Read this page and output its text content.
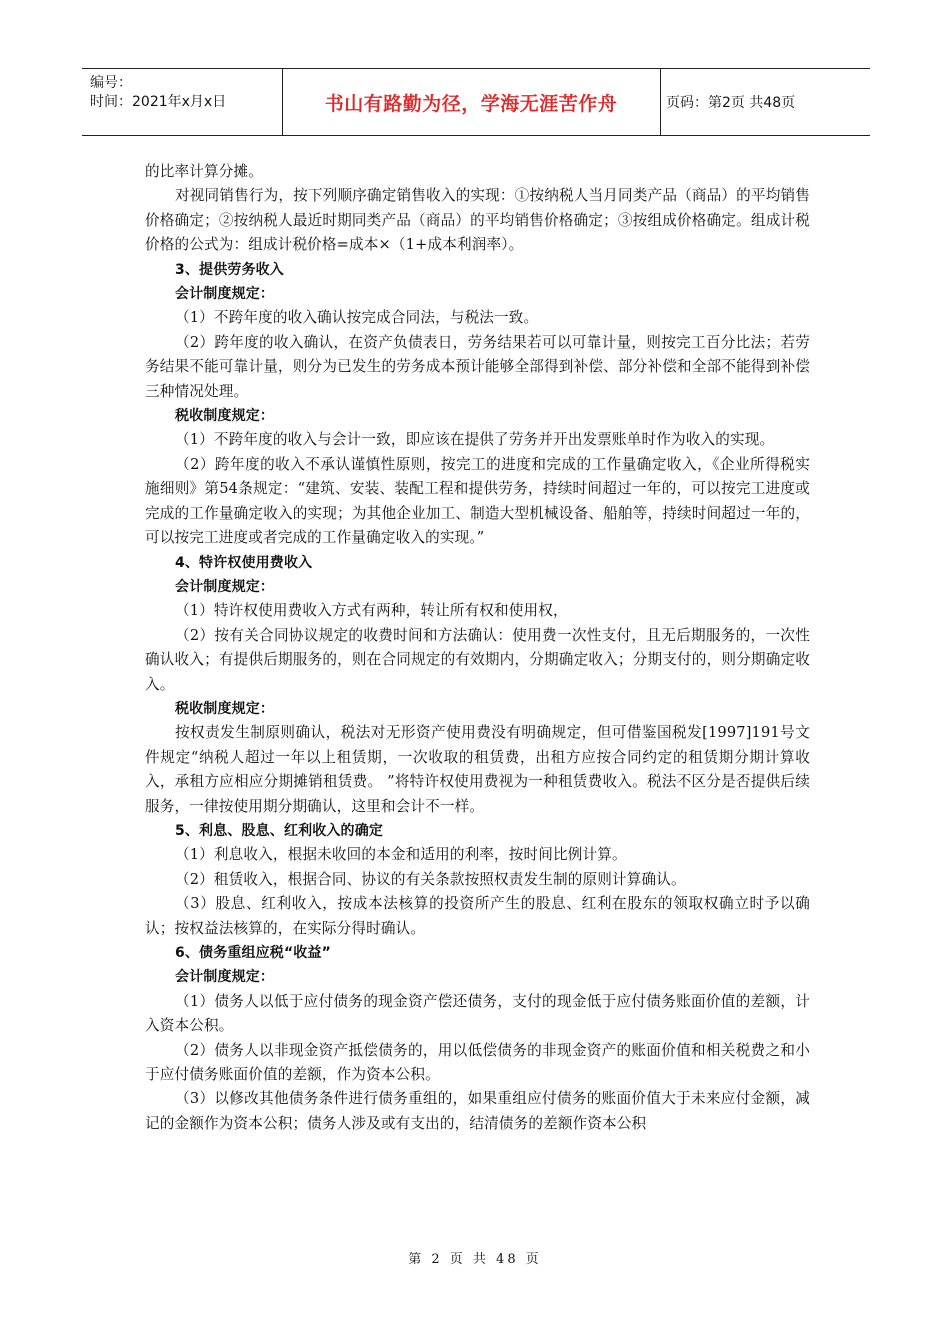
编号：
时间：2021年x月x日	书山有路勤为径，学海无涯苦作舟	页码：第2页 共48页

的比率计算分摊。

对视同销售行为，按下列顺序确定销售收入的实现：①按纳税人当月同类产品（商品）的平均销售价格确定；②按纳税人最近时期同类产品（商品）的平均销售价格确定；③按组成价格确定。组成计税价格的公式为：组成计税价格=成本×（1+成本利润率）。

3、提供劳务收入

会计制度规定：

（1）不跨年度的收入确认按完成合同法，与税法一致。

（2）跨年度的收入确认，在资产负债表日，劳务结果若可以可靠计量，则按完工百分比法；若劳务结果不能可靠计量，则分为已发生的劳务成本预计能够全部得到补偿、部分补偿和全部不能得到补偿三种情况处理。

税收制度规定：

（1）不跨年度的收入与会计一致，即应该在提供了劳务并开出发票账单时作为收入的实现。

（2）跨年度的收入不承认谨慎性原则，按完工的进度和完成的工作量确定收入，《企业所得税实施细则》第54条规定：“建筑、安装、装配工程和提供劳务，持续时间超过一年的，可以按完工进度或完成的工作量确定收入的实现；为其他企业加工、制造大型机械设备、船舶等，持续时间超过一年的，可以按完工进度或者完成的工作量确定收入的实现。”

4、特许权使用费收入

会计制度规定：

（1）特许权使用费收入方式有两种，转让所有权和使用权，

（2）按有关合同协议规定的收费时间和方法确认：使用费一次性支付，且无后期服务的，一次性确认收入；有提供后期服务的，则在合同规定的有效期内，分期确定收入；分期支付的，则分期确定收入。

税收制度规定：

按权责发生制原则确认，税法对无形资产使用费没有明确规定，但可借鉴国税发[1997]191号文件规定“纳税人超过一年以上租赁期，一次收取的租赁费，出租方应按合同约定的租赁期分期计算收入，承租方应相应分期摊销租赁费。 ”将特许权使用费视为一种租赁费收入。税法不区分是否提供后续服务，一律按使用期分期确认，这里和会计不一样。

5、利息、股息、红利收入的确定

（1）利息收入，根据未收回的本金和适用的利率，按时间比例计算。

（2）租赁收入，根据合同、协议的有关条款按照权责发生制的原则计算确认。

（3）股息、红利收入，按成本法核算的投资所产生的股息、红利在股东的领取权确立时予以确认；按权益法核算的，在实际分得时确认。

6、债务重组应税“收益”

会计制度规定：

（1）债务人以低于应付债务的现金资产偿还债务，支付的现金低于应付债务账面价值的差额，计入资本公积。

（2）债务人以非现金资产抵偿债务的，用以低偿债务的非现金资产的账面价值和相关税费之和小于应付债务账面价值的差额，作为资本公积。

（3）以修改其他债务条件进行债务重组的，如果重组应付债务的账面价值大于未来应付金额，减记的金额作为资本公积；债务人涉及或有支出的，结清债务的差额作资本公积

第 2 页 共 48 页
